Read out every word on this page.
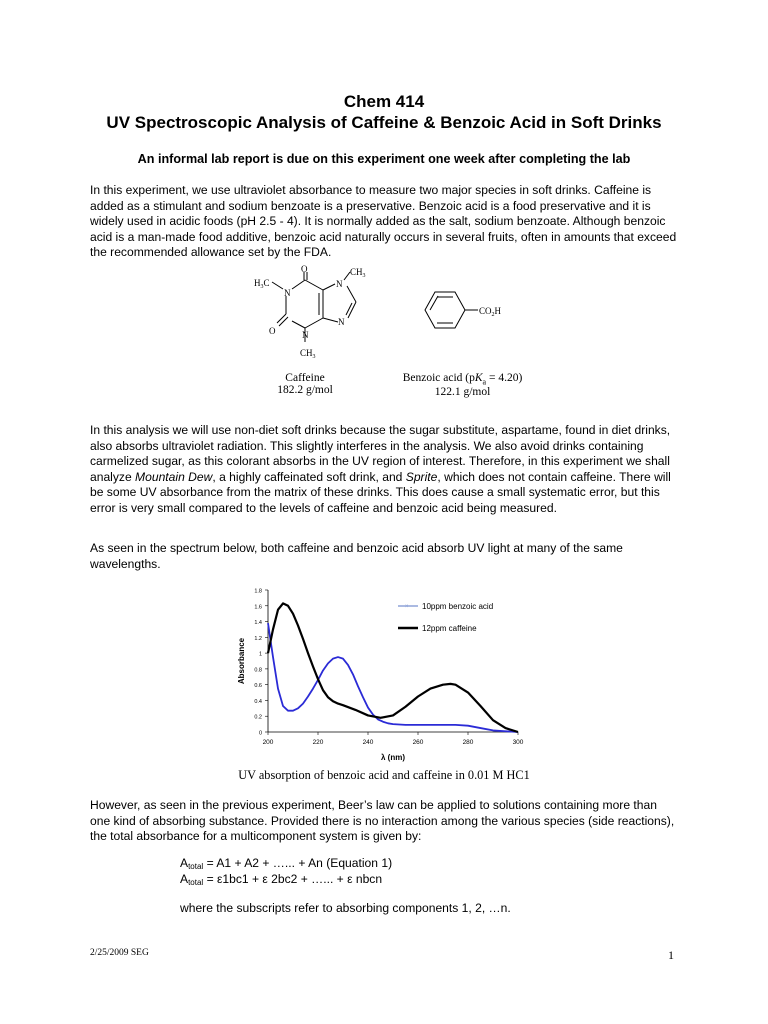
Chem 414
UV Spectroscopic Analysis of Caffeine & Benzoic Acid in Soft Drinks
An informal lab report is due on this experiment one week after completing the lab

In this experiment, we use ultraviolet absorbance to measure two major species in soft drinks. Caffeine is added as a stimulant and sodium benzoate is a preservative. Benzoic acid is a food preservative and it is widely used in acidic foods (pH 2.5 - 4). It is normally added as the salt, sodium benzoate. Although benzoic acid is a man-made food additive, benzoic acid naturally occurs in several fruits, often in amounts that exceed the recommended allowance set by the FDA.

O	$CH_3$
$H_3C$
N
N
N
N
O
$CH_3$
$CO_2H$
Caffeine
182.2 g/mol
Benzoic acid $(pK_a = 4.20)$
122.1 g/mol

In this analysis we will use non-diet soft drinks because the sugar substitute, aspartame, found in diet drinks, also absorbs ultraviolet radiation. This slightly interferes in the analysis. We also avoid drinks containing carmelized sugar, as this colorant absorbs in the UV region of interest. Therefore, in this experiment we shall analyze Mountain Dew, a highly caffeinated soft drink, and Sprite, which does not contain caffeine. There will be some UV absorbance from the matrix of these drinks. This does cause a small systematic error, but this error is very small compared to the levels of caffeine and benzoic acid being measured.

As seen in the spectrum below, both caffeine and benzoic acid absorb UV light at many of the same wavelengths.

0
0.2
0.4
0.6
0.8
1
1.2
1.4
1.6
1.8
200	220	240	260	280	300
λ (nm)
Absorbance
× 10ppm benzoic acid
12ppm caffeine
UV absorption of benzoic acid and caffeine in 0.01 M HC1

However, as seen in the previous experiment, Beer’s law can be applied to solutions containing more than one kind of absorbing substance. Provided there is no interaction among the various species (side reactions), the total absorbance for a multicomponent system is given by:

$A_{total} = A1 + A2$ + …... + An (Equation 1)
$A_{total} = \varepsilon 1bc1 + \varepsilon$ 2bc2 + …... + ε nbcn
where the subscripts refer to absorbing components 1, 2, …n.
2/25/2009 SEG	1
